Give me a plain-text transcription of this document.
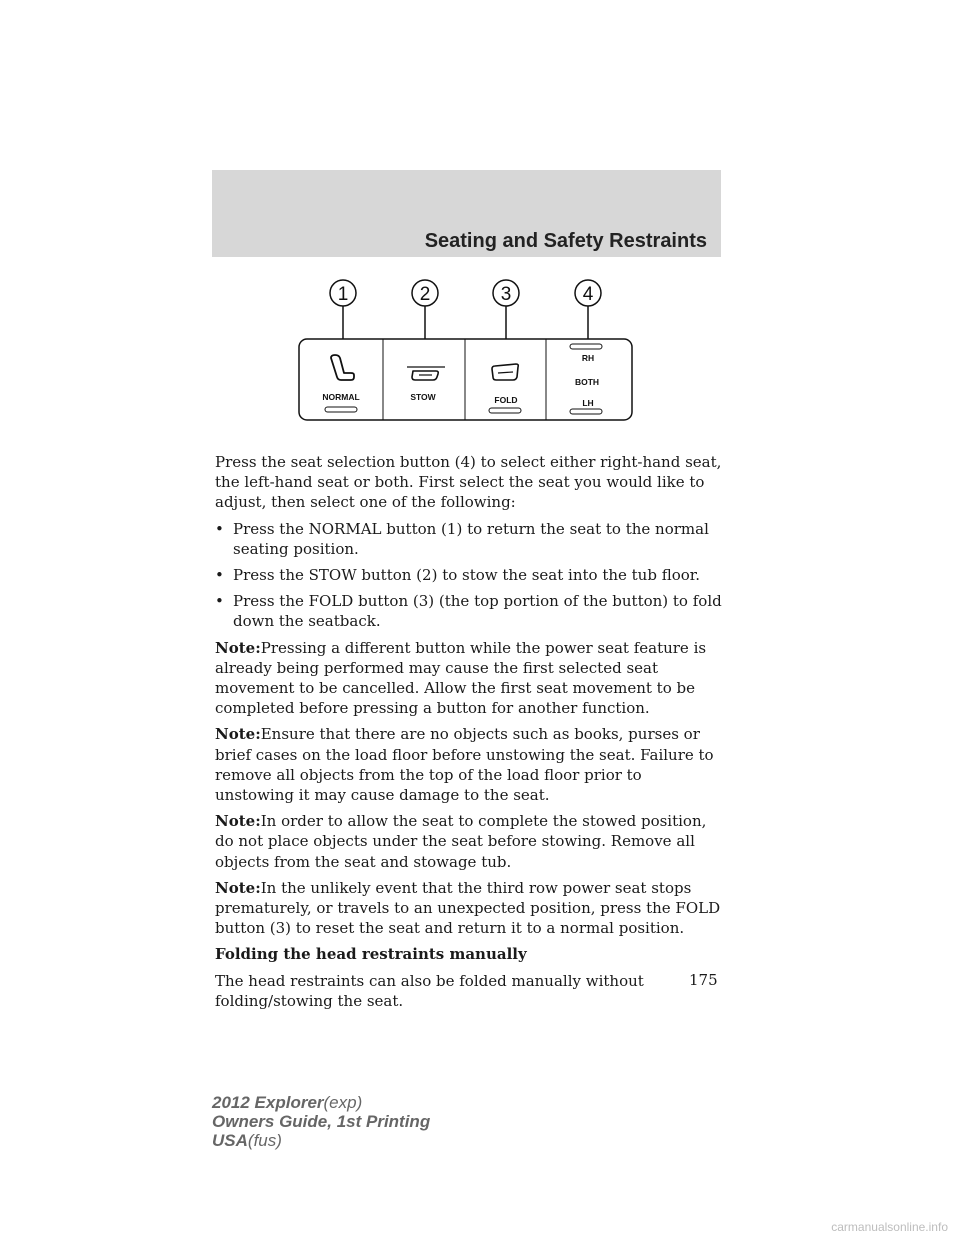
Seating and Safety Restraints
1	2	3	4
NORMAL	STOW	FOLD
RH
BOTH
LH

Press the seat selection button (4) to select either right-hand seat, the left-hand seat or both. First select the seat you would like to adjust, then select one of the following:

• Press the NORMAL button (1) to return the seat to the normal seating position.
• Press the STOW button (2) to stow the seat into the tub floor.
• Press the FOLD button (3) (the top portion of the button) to fold down the seatback.

Note:Pressing a different button while the power seat feature is already being performed may cause the first selected seat movement to be cancelled. Allow the first seat movement to be completed before pressing a button for another function.

Note:Ensure that there are no objects such as books, purses or brief cases on the load floor before unstowing the seat. Failure to remove all objects from the top of the load floor prior to unstowing it may cause damage to the seat.

Note:In order to allow the seat to complete the stowed position, do not place objects under the seat before stowing. Remove all objects from the seat and stowage tub.

Note:In the unlikely event that the third row power seat stops prematurely, or travels to an unexpected position, press the FOLD button (3) to reset the seat and return it to a normal position.

Folding the head restraints manually

The head restraints can also be folded manually without folding/stowing the seat.

175
2012 Explorer(exp)
Owners Guide, 1st Printing
USA(fus)
carmanualsonline.info
